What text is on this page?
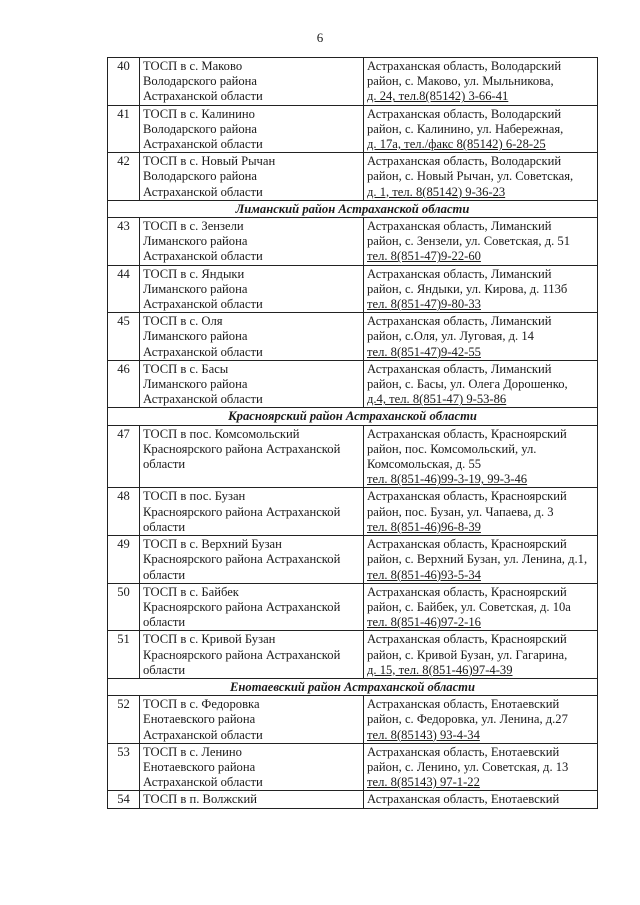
6
40	ТОСП в с. Маково
Володарского района
Астраханской области	Астраханская область, Володарский
район, с. Маково, ул. Мыльникова,
д. 24, тел.8(85142) 3-66-41

41	ТОСП в с. Калинино
Володарского района
Астраханской области	Астраханская область, Володарский
район, с. Калинино, ул. Набережная,
д. 17а, тел./факс 8(85142) 6-28-25

42	ТОСП в с. Новый Рычан
Володарского района
Астраханской области	Астраханская область, Володарский
район, с. Новый Рычан, ул. Советская,
д. 1, тел. 8(85142) 9-36-23

Лиманский район Астраханской области		
43	ТОСП в с. Зензели
Лиманского района
Астраханской области	Астраханская область, Лиманский
район, с. Зензели, ул. Советская, д. 51
тел. 8(851-47)9-22-60

44	ТОСП в с. Яндыки
Лиманского района
Астраханской области	Астраханская область, Лиманский
район, с. Яндыки, ул. Кирова, д. 113б
тел. 8(851-47)9-80-33

45	ТОСП в с. Оля
Лиманского района
Астраханской области	Астраханская область, Лиманский
район, с.Оля, ул. Луговая, д. 14
тел. 8(851-47)9-42-55

46	ТОСП в с. Басы
Лиманского района
Астраханской области	Астраханская область, Лиманский
район, с. Басы, ул. Олега Дорошенко,
д.4, тел. 8(851-47) 9-53-86

Красноярский район Астраханской области		
47	ТОСП в пос. Комсомольский
Красноярского района Астраханской
области	Астраханская область, Красноярский
район, пос. Комсомольский, ул.
Комсомольская, д. 55
тел. 8(851-46)99-3-19, 99-3-46

48	ТОСП в пос. Бузан
Красноярского района Астраханской
области	Астраханская область, Красноярский
район, пос. Бузан, ул. Чапаева, д. 3
тел. 8(851-46)96-8-39

49	ТОСП в с. Верхний Бузан
Красноярского района Астраханской
области	Астраханская область, Красноярский
район, с. Верхний Бузан, ул. Ленина, д.1,
тел. 8(851-46)93-5-34

50	ТОСП в с. Байбек
Красноярского района Астраханской
области	Астраханская область, Красноярский
район, с. Байбек, ул. Советская, д. 10а
тел. 8(851-46)97-2-16

51	ТОСП в с. Кривой Бузан
Красноярского района Астраханской
области	Астраханская область, Красноярский
район, с. Кривой Бузан, ул. Гагарина,
д. 15, тел. 8(851-46)97-4-39

Енотаевский район Астраханской области		
52	ТОСП в с. Федоровка
Енотаевского района
Астраханской области	Астраханская область, Енотаевский
район, с. Федоровка, ул. Ленина, д.27
тел. 8(85143) 93-4-34

53	ТОСП в с. Ленино
Енотаевского района
Астраханской области	Астраханская область, Енотаевский
район, с. Ленино, ул. Советская, д. 13
тел. 8(85143) 97-1-22

54	ТОСП в п. Волжский	Астраханская область, Енотаевский
